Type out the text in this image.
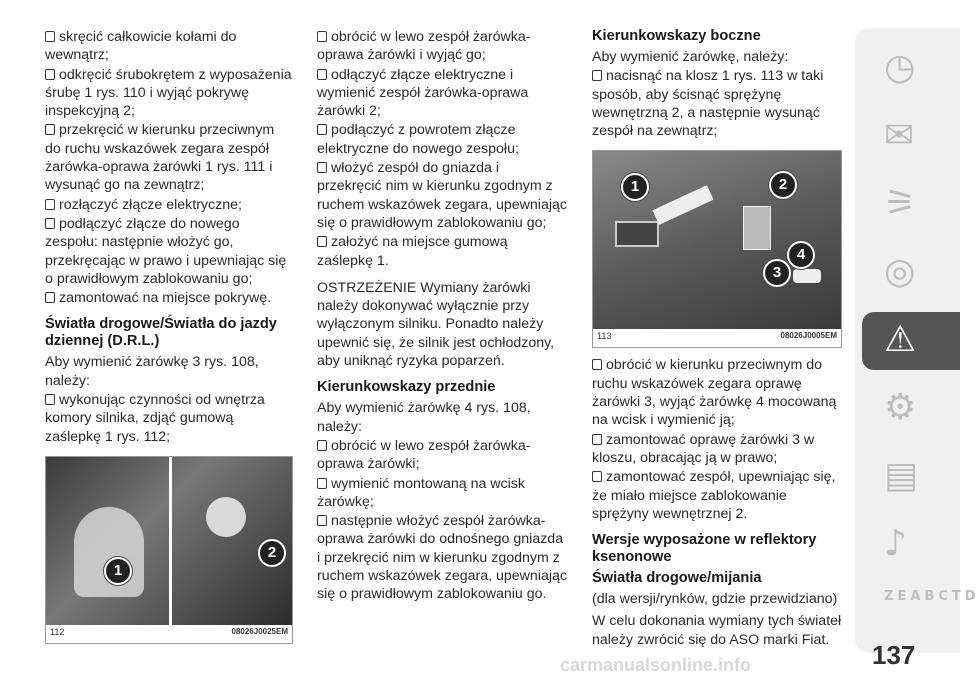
skręcić całkowicie kołami do wewnątrz;

odkręcić śrubokrętem z wyposażenia śrubę 1 rys. 110 i wyjąć pokrywę inspekcyjną 2;

przekręcić w kierunku przeciwnym do ruchu wskazówek zegara zespół żarówka-oprawa żarówki 1 rys. 111 i wysunąć go na zewnątrz;

rozłączyć złącze elektryczne;

podłączyć złącze do nowego zespołu: następnie włożyć go, przekręcając w prawo i upewniając się o prawidłowym zablokowaniu go;

zamontować na miejsce pokrywę.

Światła drogowe/Światła do jazdy dziennej (D.R.L.)

Aby wymienić żarówkę 3 rys. 108, należy:

wykonując czynności od wnętrza komory silnika, zdjąć gumową zaślepkę 1 rys. 112;

1
2
112	08026J0025EM

obrócić w lewo zespół żarówka-oprawa żarówki i wyjąć go;

odłączyć złącze elektryczne i wymienić zespół żarówka-oprawa żarówki 2;

podłączyć z powrotem złącze elektryczne do nowego zespołu;

włożyć zespół do gniazda i przekręcić nim w kierunku zgodnym z ruchem wskazówek zegara, upewniając się o prawidłowym zablokowaniu go;

założyć na miejsce gumową zaślepkę 1.

OSTRZEŻENIE Wymiany żarówki należy dokonywać wyłącznie przy wyłączonym silniku. Ponadto należy upewnić się, że silnik jest ochłodzony, aby uniknąć ryzyka poparzeń.

Kierunkowskazy przednie

Aby wymienić żarówkę 4 rys. 108, należy:

obrócić w lewo zespół żarówka-oprawa żarówki;

wymienić montowaną na wcisk żarówkę;

następnie włożyć zespół żarówka-oprawa żarówki do odnośnego gniazda i przekręcić nim w kierunku zgodnym z ruchem wskazówek zegara, upewniając się o prawidłowym zablokowaniu go.

Kierunkowskazy boczne

Aby wymienić żarówkę, należy:

nacisnąć na klosz 1 rys. 113 w taki sposób, aby ścisnąć sprężynę wewnętrzną 2, a następnie wysunąć zespół na zewnątrz;

1	2
3
4
113	08026J0005EM

obrócić w kierunku przeciwnym do ruchu wskazówek zegara oprawę żarówki 3, wyjąć żarówkę 4 mocowaną na wcisk i wymienić ją;

zamontować oprawę żarówki 3 w kloszu, obracając ją w prawo;

zamontować zespół, upewniając się, że miało miejsce zablokowanie sprężyny wewnętrznej 2.

Wersje wyposażone w reflektory ksenonowe
Światła drogowe/mijania

(dla wersji/rynków, gdzie przewidziano)

W celu dokonania wymiany tych świateł należy zwrócić się do ASO marki Fiat.

◷
✉
⚞
◎
⚠
⚙
▤
♪
Z E A B C T D
137
carmanualsonline.info
